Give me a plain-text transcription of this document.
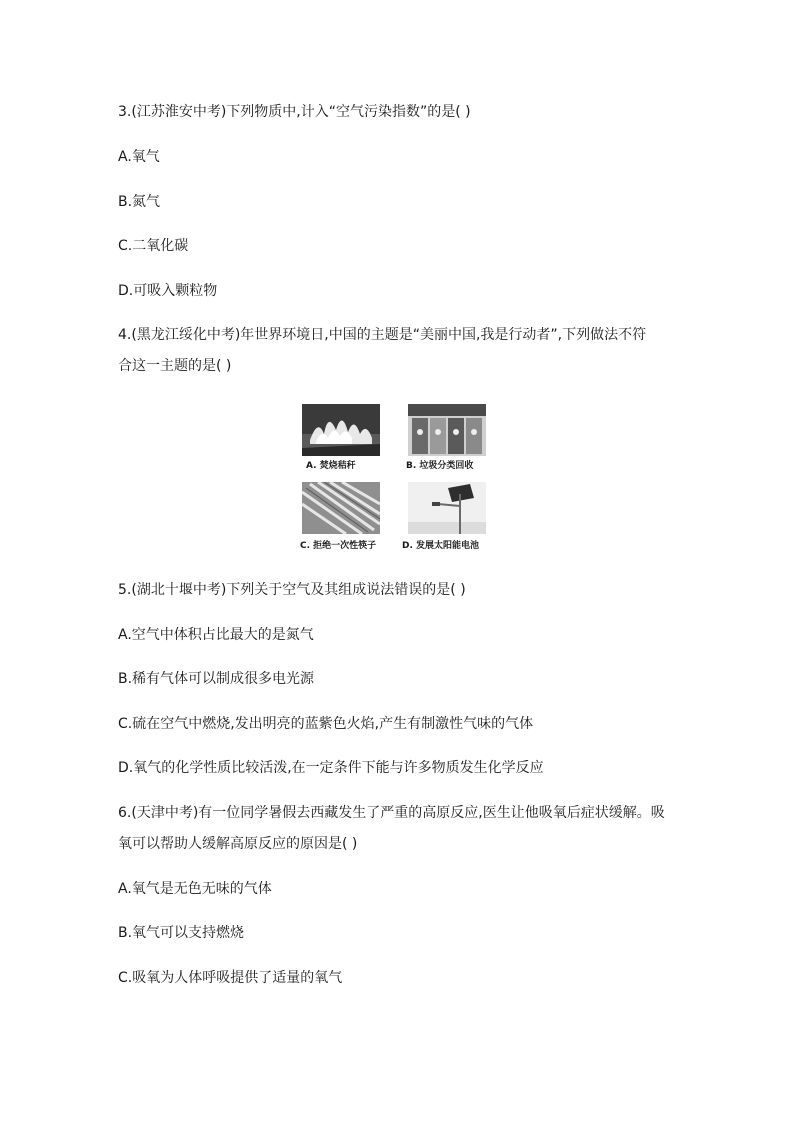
3.(江苏淮安中考)下列物质中,计入“空气污染指数”的是( )
A.氧气
B.氮气
C.二氧化碳
D.可吸入颗粒物
4.(黑龙江绥化中考)年世界环境日,中国的主题是“美丽中国,我是行动者”,下列做法不符
合这一主题的是( )
A. 焚烧秸秆	B. 垃圾分类回收
C. 拒绝一次性筷子	D. 发展太阳能电池
5.(湖北十堰中考)下列关于空气及其组成说法错误的是( )
A.空气中体积占比最大的是氮气
B.稀有气体可以制成很多电光源
C.硫在空气中燃烧,发出明亮的蓝紫色火焰,产生有制激性气味的气体
D.氧气的化学性质比较活泼,在一定条件下能与许多物质发生化学反应
6.(天津中考)有一位同学暑假去西藏发生了严重的高原反应,医生让他吸氧后症状缓解。吸
氧可以帮助人缓解高原反应的原因是( )
A.氧气是无色无味的气体
B.氧气可以支持燃烧
C.吸氧为人体呼吸提供了适量的氧气
